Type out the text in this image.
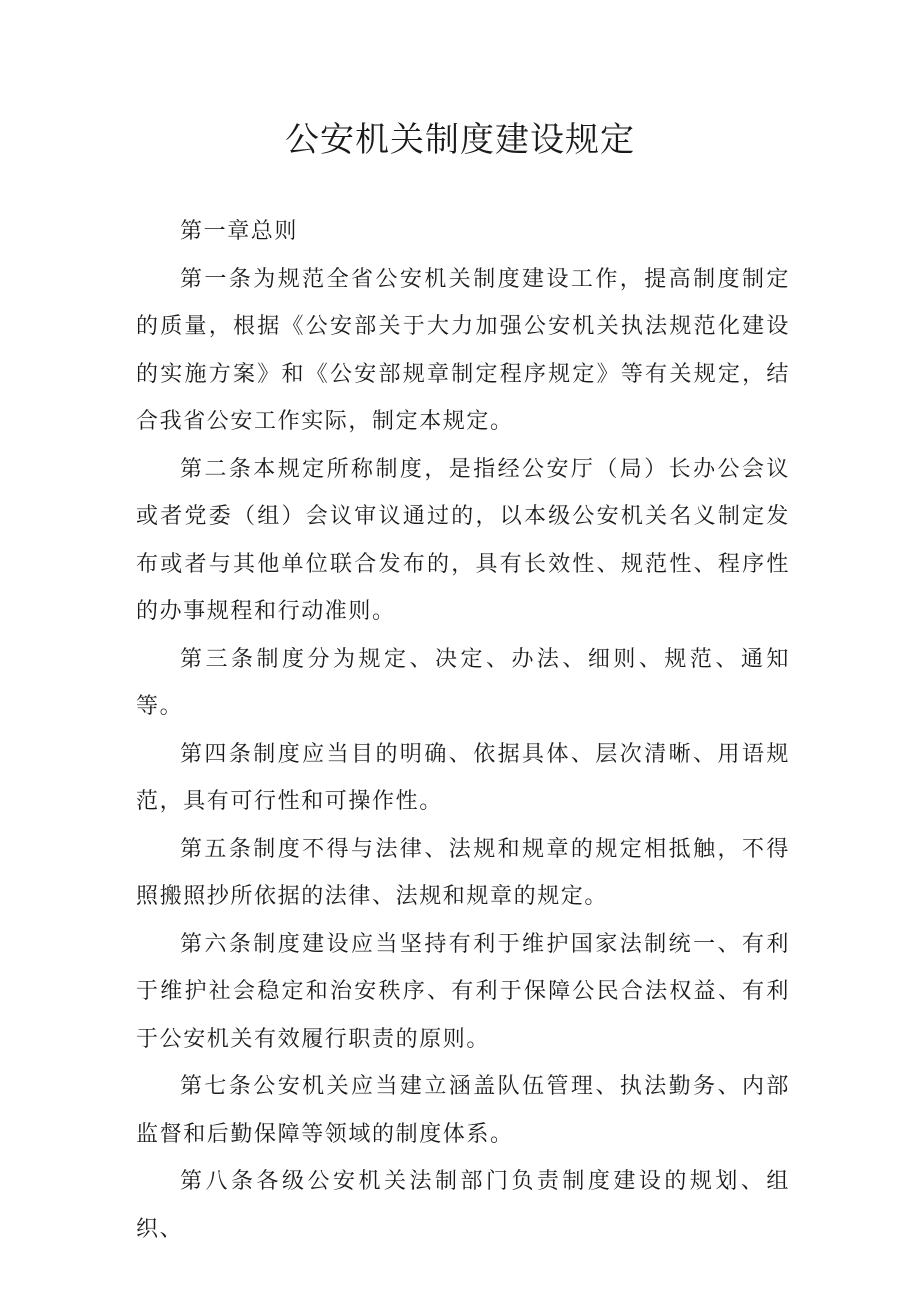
公安机关制度建设规定

第一章总则

第一条为规范全省公安机关制度建设工作，提高制度制定的质量，根据《公安部关于大力加强公安机关执法规范化建设的实施方案》和《公安部规章制定程序规定》等有关规定，结合我省公安工作实际，制定本规定。

第二条本规定所称制度，是指经公安厅（局）长办公会议或者党委（组）会议审议通过的，以本级公安机关名义制定发布或者与其他单位联合发布的，具有长效性、规范性、程序性的办事规程和行动准则。

第三条制度分为规定、决定、办法、细则、规范、通知等。

第四条制度应当目的明确、依据具体、层次清晰、用语规范，具有可行性和可操作性。

第五条制度不得与法律、法规和规章的规定相抵触，不得照搬照抄所依据的法律、法规和规章的规定。

第六条制度建设应当坚持有利于维护国家法制统一、有利于维护社会稳定和治安秩序、有利于保障公民合法权益、有利于公安机关有效履行职责的原则。

第七条公安机关应当建立涵盖队伍管理、执法勤务、内部监督和后勤保障等领域的制度体系。

第八条各级公安机关法制部门负责制度建设的规划、组织、
